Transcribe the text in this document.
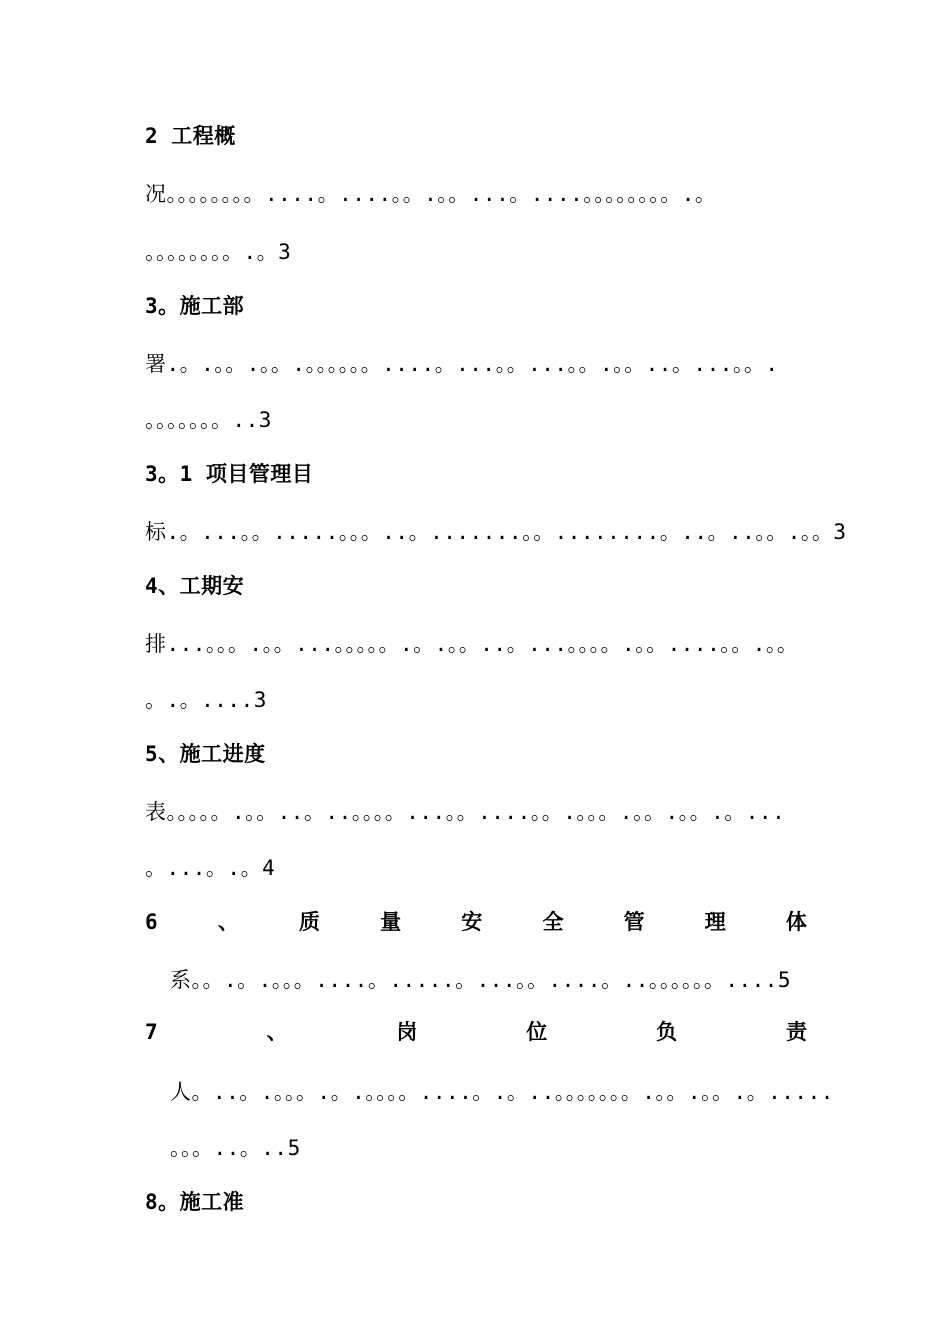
2 工程概
况。。。。。。。。....。....。。.。。...。....。。。。。。。。.。
。。。。。。。。.。3
3。施工部
署.。.。。.。。.。。。。。。....。...。。...。。.。。..。...。。.
。。。。。。。..3
3。1 项目管理目
标.。...。。.....。。。..。.......。。........。..。..。。.。。3
4、工期安
排...。。。.。。...。。。。。.。.。。..。...。。。。.。。....。。.。。
。.。....3
5、施工进度
表。。。。。.。。..。..。。。。...。。....。。.。。。.。。.。。.。...
。...。.。4
6	、	质	量	安	全	管	理	体
系。。.。.。。。....。.....。...。。....。..。。。。。。....5
7	、	岗	位	负	责
人。..。.。。。.。.。。。。....。.。..。。。。。。。.。。.。。.。.....
。。。..。..5
8。施工准
